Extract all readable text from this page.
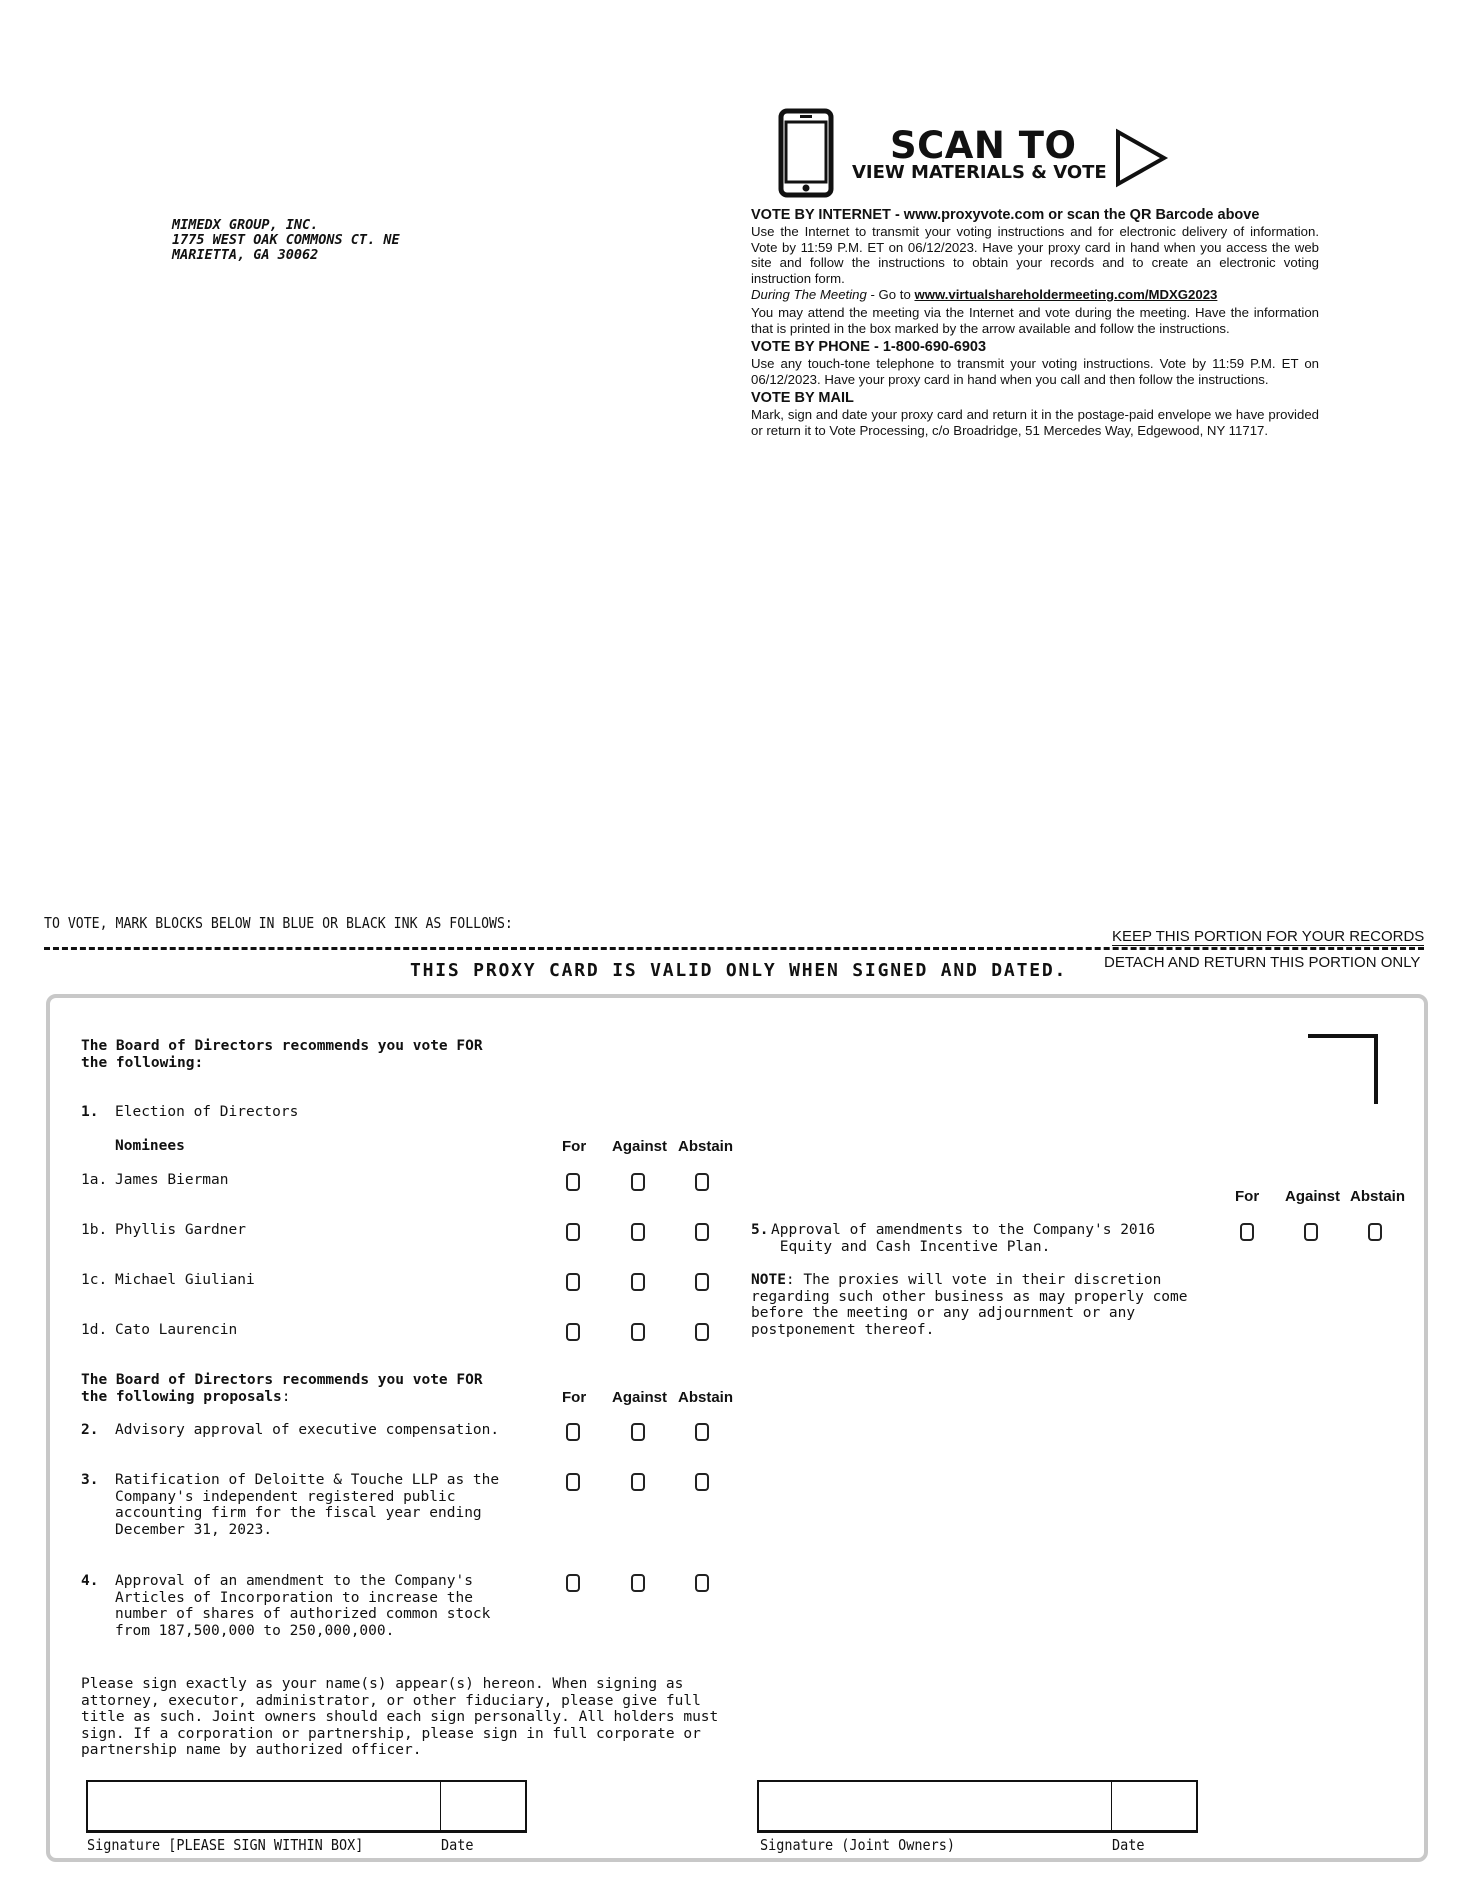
MIMEDX GROUP, INC.
1775 WEST OAK COMMONS CT. NE
MARIETTA, GA 30062
SCAN TO
VIEW MATERIALS & VOTE
VOTE BY INTERNET - www.proxyvote.com or scan the QR Barcode above

Use the Internet to transmit your voting instructions and for electronic delivery of information. Vote by 11:59 P.M. ET on 06/12/2023. Have your proxy card in hand when you access the web site and follow the instructions to obtain your records and to create an electronic voting instruction form.

During The Meeting - Go to www.virtualshareholdermeeting.com/MDXG2023

You may attend the meeting via the Internet and vote during the meeting. Have the information that is printed in the box marked by the arrow available and follow the instructions.

VOTE BY PHONE - 1-800-690-6903

Use any touch-tone telephone to transmit your voting instructions. Vote by 11:59 P.M. ET on 06/12/2023. Have your proxy card in hand when you call and then follow the instructions.

VOTE BY MAIL

Mark, sign and date your proxy card and return it in the postage-paid envelope we have provided or return it to Vote Processing, c/o Broadridge, 51 Mercedes Way, Edgewood, NY 11717.

TO VOTE, MARK BLOCKS BELOW IN BLUE OR BLACK INK AS FOLLOWS:
KEEP THIS PORTION FOR YOUR RECORDS
DETACH AND RETURN THIS PORTION ONLY
THIS PROXY CARD IS VALID ONLY WHEN SIGNED AND DATED.
The Board of Directors recommends you vote FOR
the following:
1. Election of Directors
Nominees	For Against Abstain
1a. James Bierman
1b. Phyllis Gardner
1c. Michael Giuliani
1d. Cato Laurencin
The Board of Directors recommends you vote FOR
the following proposals:	For Against Abstain
2. Advisory approval of executive compensation.
3. Ratification of Deloitte & Touche LLP as the
Company's independent registered public
accounting firm for the fiscal year ending
December 31, 2023.
4. Approval of an amendment to the Company's
Articles of Incorporation to increase the
number of shares of authorized common stock
from 187,500,000 to 250,000,000.
For Against Abstain
5. Approval of amendments to the Company's 2016
Equity and Cash Incentive Plan.
NOTE: The proxies will vote in their discretion
regarding such other business as may properly come
before the meeting or any adjournment or any
postponement thereof.
Please sign exactly as your name(s) appear(s) hereon. When signing as
attorney, executor, administrator, or other fiduciary, please give full
title as such. Joint owners should each sign personally. All holders must
sign. If a corporation or partnership, please sign in full corporate or
partnership name by authorized officer.
Signature [PLEASE SIGN WITHIN BOX]	Date	Signature (Joint Owners)	Date
